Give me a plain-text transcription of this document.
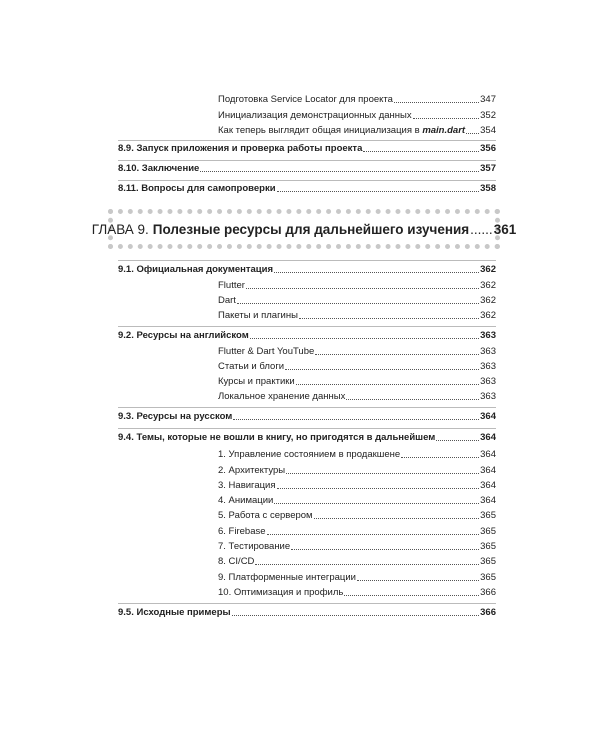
Подготовка Service Locator для проекта	347
Инициализация демонстрационных данных	352
Как теперь выглядит общая инициализация в main.dart 354
8.9. Запуск приложения и проверка работы проекта	356
8.10. Заключение	357
8.11. Вопросы для самопроверки	358
ГЛАВА 9. Полезные ресурсы для дальнейшего изучения ...... 361
9.1. Официальная документация	362
Flutter	362
Dart	362
Пакеты и плагины	362
9.2. Ресурсы на английском	363
Flutter & Dart YouTube	363
Статьи и блоги	363
Курсы и практики	363
Локальное хранение данных	363
9.3. Ресурсы на русском	364
9.4. Темы, которые не вошли в книгу, но пригодятся в дальнейшем	364
1. Управление состоянием в продакшене	364
2. Архитектуры	364
3. Навигация	364
4. Анимации	364
5. Работа с сервером	365
6. Firebase	365
7. Тестирование	365
8. CI/CD	365
9. Платформенные интеграции	365
10. Оптимизация и профиль	366
9.5. Исходные примеры	366
